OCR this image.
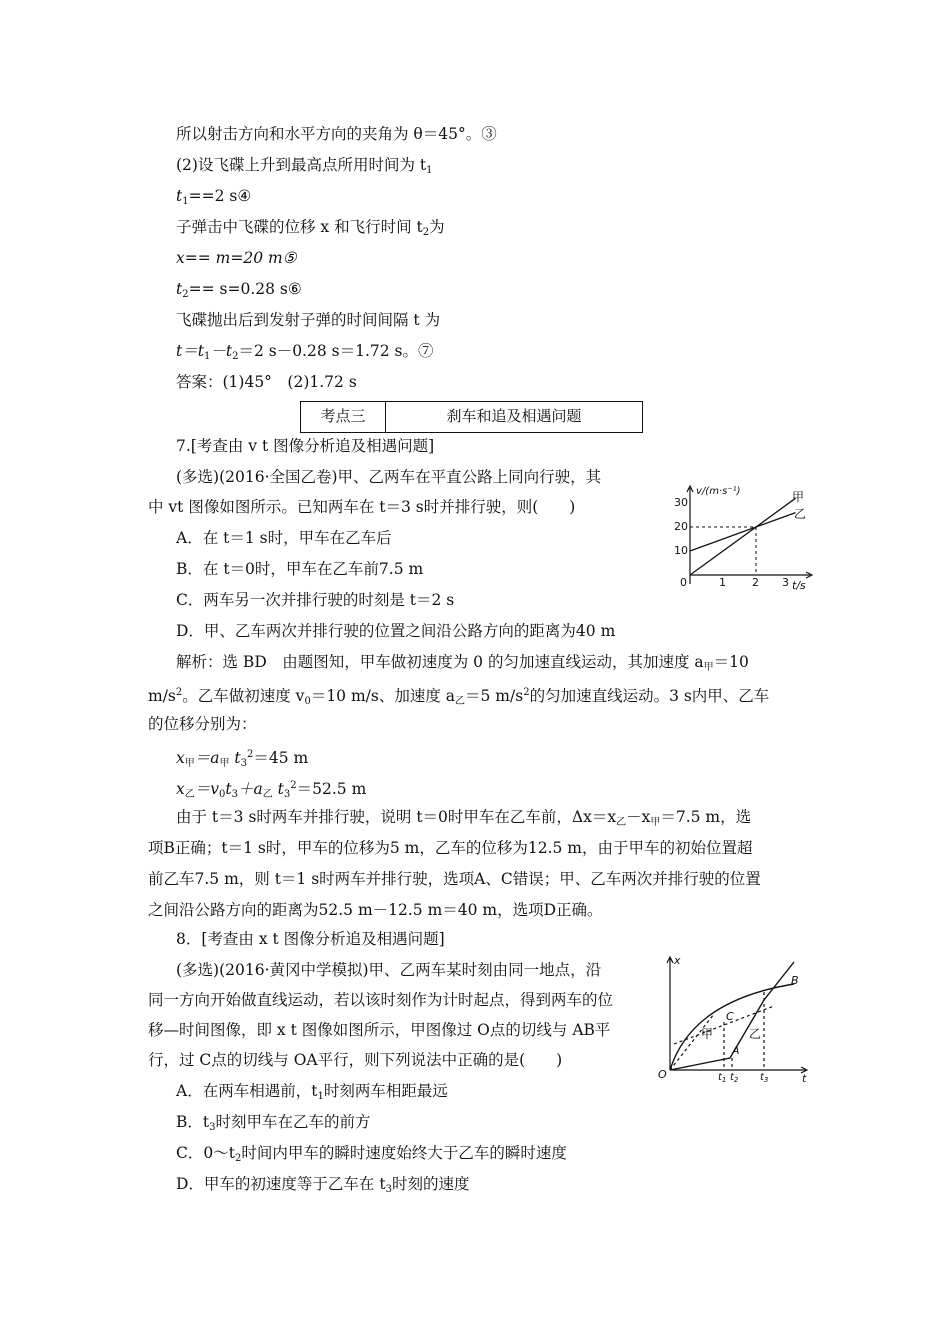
所以射击方向和水平方向的夹角为 θ＝45°。③
(2)设飞碟上升到最高点所用时间为 $t_1$
$t_1==2$ s④
子弹击中飞碟的位移 x 和飞行时间 $t_2$为
x== m=20 m⑤
$t_2== s=0.28$ s⑥
飞碟抛出后到发射子弹的时间间隔 t 为
$t=t_1-t_2=2$ s－0.28 s＝1.72 s。⑦
答案：(1)45°　(2)1.72 s
考点三	刹车和追及相遇问题
7.[考查由 v t 图像分析追及相遇问题]
(多选)(2016·全国乙卷)甲、乙两车在平直公路上同向行驶，其
中 vt 图像如图所示。已知两车在 t＝3 s时并排行驶，则(　　)
A．在 t＝1 s时，甲车在乙车后
B．在 t＝0时，甲车在乙车前7.5 m
C．两车另一次并排行驶的时刻是 t＝2 s
D．甲、乙车两次并排行驶的位置之间沿公路方向的距离为40 m
解析：选 BD　由题图知，甲车做初速度为 0 的匀加速直线运动，其加速度 $a_甲=10$
$m/s^2$。乙车做初速度 $v_0=10$ m/s、加速度 $a_乙=5$ $m/s^2$的匀加速直线运动。3 s内甲、乙车
的位移分别为：
$x_甲=a_甲$ $t_3^2=45$ m
$x_乙=v_0t_3+a_乙$ $t_3^2=52.5$ m
由于 t＝3 s时两车并排行驶，说明 t＝0时甲车在乙车前，$\Delta x=x_乙-x_甲=7.5$ m，选
项B正确；t＝1 s时，甲车的位移为5 m，乙车的位移为12.5 m，由于甲车的初始位置超
前乙车7.5 m，则 t＝1 s时两车并排行驶，选项A、C错误；甲、乙车两次并排行驶的位置
之间沿公路方向的距离为52.5 m－12.5 m＝40 m，选项D正确。
v/(m·s⁻¹)
t/s
30
20
10
0	1 2 3
甲
乙
8．[考查由 x t 图像分析追及相遇问题]
(多选)(2016·黄冈中学模拟)甲、乙两车某时刻由同一地点，沿
同一方向开始做直线运动，若以该时刻作为计时起点，得到两车的位
移—时间图像，即 x t 图像如图所示，甲图像过 O点的切线与 AB平
行，过 C点的切线与 OA平行，则下列说法中正确的是(　　)
A．在两车相遇前，$t_1$时刻两车相距最远
B．$t_3$时刻甲车在乙车的前方
C．$0\sim t_2$时间内甲车的瞬时速度始终大于乙车的瞬时速度
D．甲车的初速度等于乙车在 $t_3$时刻的速度
x
t
O
A
B
C
甲	乙
$t_1$ $t_2$ $t_3$
